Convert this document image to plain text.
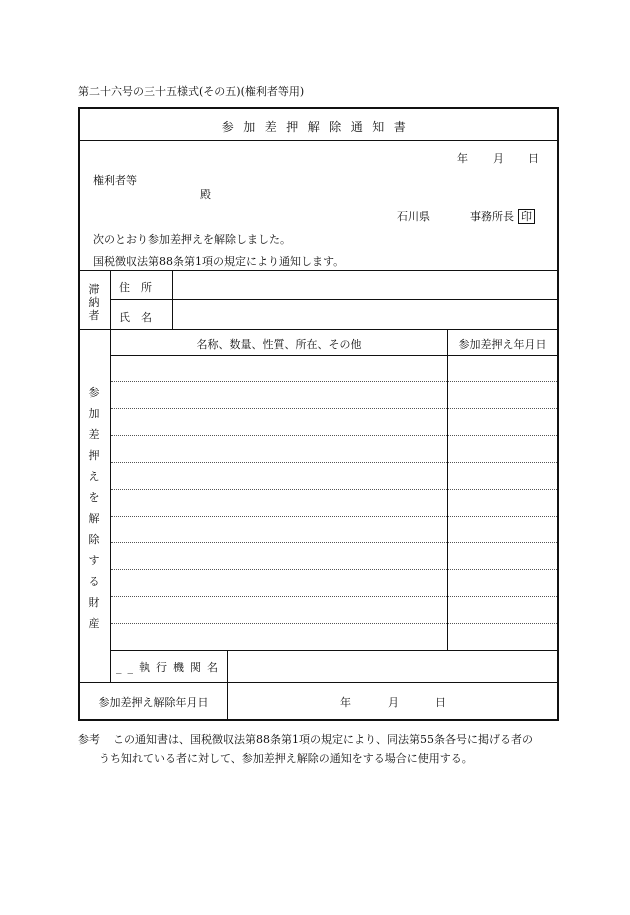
第二十六号の三十五様式(その五)(権利者等用)
参加差押解除通知書
年 月 日
権利者等
殿
石川県	事務所長 印
次のとおり参加差押えを解除しました。
国税徴収法第88条第1項の規定により通知します。
滞
納
者
住　所
氏　名
名称、数量、性質、所在、その他	参加差押え年月日
参
加
差
押
え
を
解
除
す
る
財
産
__執行機関名
参加差押え解除年月日	年	月	日
参考 この通知書は、国税徴収法第88条第1項の規定により、同法第55条各号に掲げる者の
うち知れている者に対して、参加差押え解除の通知をする場合に使用する。
